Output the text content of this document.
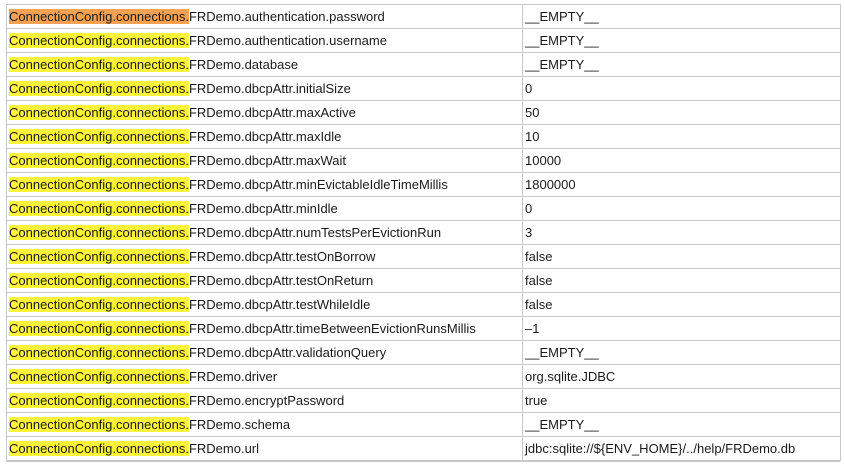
ConnectionConfig.connections.FRDemo.authentication.password	__EMPTY__
ConnectionConfig.connections.FRDemo.authentication.username	__EMPTY__
ConnectionConfig.connections.FRDemo.database	__EMPTY__
ConnectionConfig.connections.FRDemo.dbcpAttr.initialSize	0
ConnectionConfig.connections.FRDemo.dbcpAttr.maxActive	50
ConnectionConfig.connections.FRDemo.dbcpAttr.maxIdle	10
ConnectionConfig.connections.FRDemo.dbcpAttr.maxWait	10000
ConnectionConfig.connections.FRDemo.dbcpAttr.minEvictableIdleTimeMillis	1800000
ConnectionConfig.connections.FRDemo.dbcpAttr.minIdle	0
ConnectionConfig.connections.FRDemo.dbcpAttr.numTestsPerEvictionRun	3
ConnectionConfig.connections.FRDemo.dbcpAttr.testOnBorrow	false
ConnectionConfig.connections.FRDemo.dbcpAttr.testOnReturn	false
ConnectionConfig.connections.FRDemo.dbcpAttr.testWhileIdle	false
ConnectionConfig.connections.FRDemo.dbcpAttr.timeBetweenEvictionRunsMillis	–1
ConnectionConfig.connections.FRDemo.dbcpAttr.validationQuery	__EMPTY__
ConnectionConfig.connections.FRDemo.driver	org.sqlite.JDBC
ConnectionConfig.connections.FRDemo.encryptPassword	true
ConnectionConfig.connections.FRDemo.schema	__EMPTY__
ConnectionConfig.connections.FRDemo.url	jdbc:sqlite://${ENV_HOME}/../help/FRDemo.db
